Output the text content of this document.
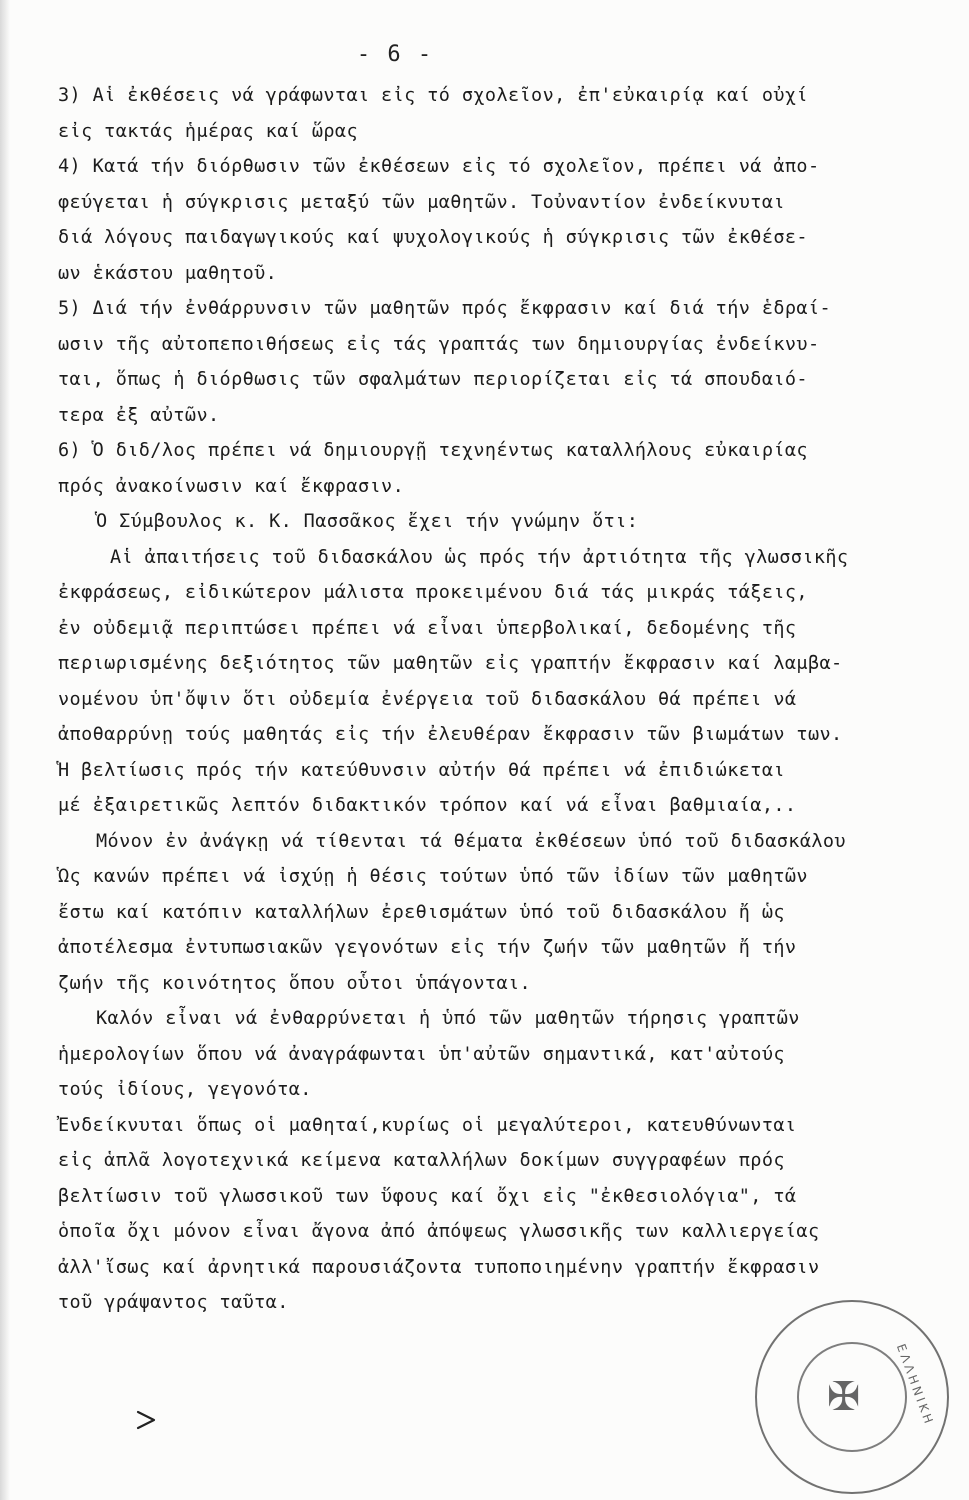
- 6 -
3) Αἱ ἐκθέσεις νά γράφωνται εἰς τό σχολεῖον, ἐπ'εὐκαιρίᾳ καί οὐχί
εἰς τακτάς ἡμέρας καί ὥρας
4) Κατά τήν διόρθωσιν τῶν ἐκθέσεων εἰς τό σχολεῖον, πρέπει νά ἀπο-
φεύγεται ἡ σύγκρισις μεταξύ τῶν μαθητῶν. Τοὐναντίον ἐνδείκνυται
διά λόγους παιδαγωγικούς καί ψυχολογικούς ἡ σύγκρισις τῶν ἐκθέσε-
ων ἑκάστου μαθητοῦ.
5) Διά τήν ἐνθάρρυνσιν τῶν μαθητῶν πρός ἔκφρασιν καί διά τήν ἑδραί-
ωσιν τῆς αὐτοπεποιθήσεως εἰς τάς γραπτάς των δημιουργίας ἐνδείκνυ-
ται, ὅπως ἡ διόρθωσις τῶν σφαλμάτων περιορίζεται εἰς τά σπουδαιό-
τερα ἐξ αὐτῶν.
6) Ὁ διδ/λος πρέπει νά δημιουργῇ τεχνηέντως καταλλήλους εὐκαιρίας
πρός ἀνακοίνωσιν καί ἔκφρασιν.
Ὁ Σύμβουλος κ. Κ. Πασσᾶκος ἔχει τήν γνώμην ὅτι:
Αἱ ἀπαιτήσεις τοῦ διδασκάλου ὡς πρός τήν ἀρτιότητα τῆς γλωσσικῆς
ἐκφράσεως, εἰδικώτερον μάλιστα προκειμένου διά τάς μικράς τάξεις,
ἐν οὐδεμιᾷ περιπτώσει πρέπει νά εἶναι ὑπερβολικαί, δεδομένης τῆς
περιωρισμένης δεξιότητος τῶν μαθητῶν εἰς γραπτήν ἔκφρασιν καί λαμβα-
νομένου ὑπ'ὄψιν ὅτι οὐδεμία ἐνέργεια τοῦ διδασκάλου θά πρέπει νά
ἀποθαρρύνῃ τούς μαθητάς εἰς τήν ἐλευθέραν ἔκφρασιν τῶν βιωμάτων των.
Ἡ βελτίωσις πρός τήν κατεύθυνσιν αὐτήν θά πρέπει νά ἐπιδιώκεται
μέ ἐξαιρετικῶς λεπτόν διδακτικόν τρόπον καί νά εἶναι βαθμιαία,..
Μόνον ἐν ἀνάγκῃ νά τίθενται τά θέματα ἐκθέσεων ὑπό τοῦ διδασκάλου
Ὡς κανών πρέπει νά ἰσχύῃ ἡ θέσις τούτων ὑπό τῶν ἰδίων τῶν μαθητῶν
ἔστω καί κατόπιν καταλλήλων ἐρεθισμάτων ὑπό τοῦ διδασκάλου ἤ ὡς
ἀποτέλεσμα ἐντυπωσιακῶν γεγονότων εἰς τήν ζωήν τῶν μαθητῶν ἤ τήν
ζωήν τῆς κοινότητος ὅπου οὗτοι ὑπάγονται.
Καλόν εἶναι νά ἐνθαρρύνεται ἡ ὑπό τῶν μαθητῶν τήρησις γραπτῶν
ἡμερολογίων ὅπου νά ἀναγράφωνται ὑπ'αὐτῶν σημαντικά, κατ'αὐτούς
τούς ἰδίους, γεγονότα.
Ἐνδείκνυται ὅπως οἱ μαθηταί,κυρίως οἱ μεγαλύτεροι, κατευθύνωνται
εἰς ἁπλᾶ λογοτεχνικά κείμενα καταλλήλων δοκίμων συγγραφέων πρός
βελτίωσιν τοῦ γλωσσικοῦ των ὕφους καί ὄχι εἰς "ἐκθεσιολόγια", τά
ὁποῖα ὄχι μόνον εἶναι ἄγονα ἀπό ἀπόψεως γλωσσικῆς των καλλιεργείας
ἀλλ'ἴσως καί ἀρνητικά παρουσιάζοντα τυποποιημένην γραπτήν ἔκφρασιν
τοῦ γράψαντος ταῦτα.
✠	ΕΛΛΗΝΙΚΗ
